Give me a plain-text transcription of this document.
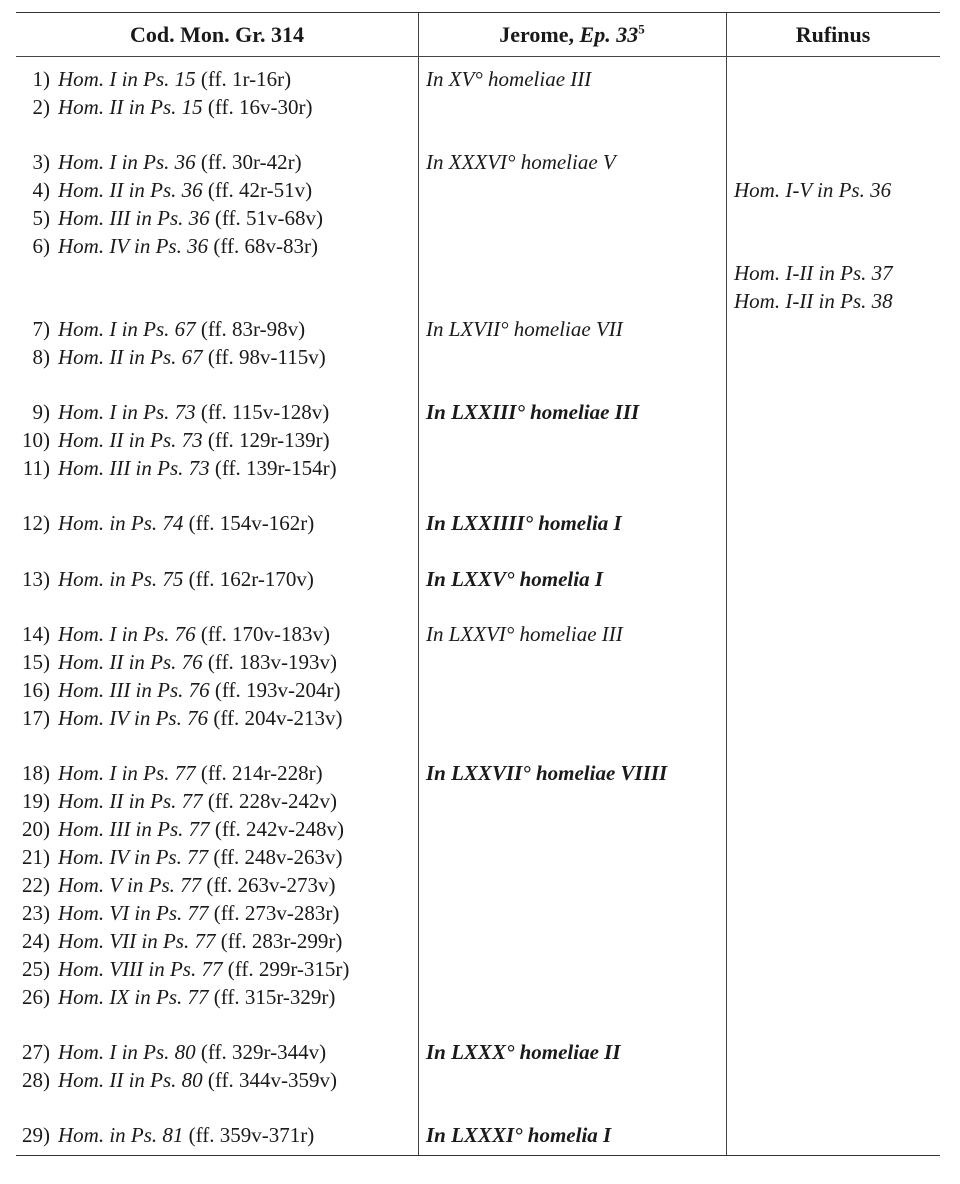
Cod. Mon. Gr. 314	Jerome, Ep. $33^5$	Rufinus
1) Hom. I in Ps. 15 (ff. 1r-16r)
2) Hom. II in Ps. 15 (ff. 16v-30r)
3) Hom. I in Ps. 36 (ff. 30r-42r)
4) Hom. II in Ps. 36 (ff. 42r-51v)
5) Hom. III in Ps. 36 (ff. 51v-68v)
6) Hom. IV in Ps. 36 (ff. 68v-83r)
7) Hom. I in Ps. 67 (ff. 83r-98v)
8) Hom. II in Ps. 67 (ff. 98v-115v)
9) Hom. I in Ps. 73 (ff. 115v-128v)
10) Hom. II in Ps. 73 (ff. 129r-139r)
11) Hom. III in Ps. 73 (ff. 139r-154r)
12) Hom. in Ps. 74 (ff. 154v-162r)
13) Hom. in Ps. 75 (ff. 162r-170v)
14) Hom. I in Ps. 76 (ff. 170v-183v)
15) Hom. II in Ps. 76 (ff. 183v-193v)
16) Hom. III in Ps. 76 (ff. 193v-204r)
17) Hom. IV in Ps. 76 (ff. 204v-213v)
18) Hom. I in Ps. 77 (ff. 214r-228r)
19) Hom. II in Ps. 77 (ff. 228v-242v)
20) Hom. III in Ps. 77 (ff. 242v-248v)
21) Hom. IV in Ps. 77 (ff. 248v-263v)
22) Hom. V in Ps. 77 (ff. 263v-273v)
23) Hom. VI in Ps. 77 (ff. 273v-283r)
24) Hom. VII in Ps. 77 (ff. 283r-299r)
25) Hom. VIII in Ps. 77 (ff. 299r-315r)
26) Hom. IX in Ps. 77 (ff. 315r-329r)
27) Hom. I in Ps. 80 (ff. 329r-344v)
28) Hom. II in Ps. 80 (ff. 344v-359v)
29) Hom. in Ps. 81 (ff. 359v-371r)
In XV° homeliae III
In XXXVI° homeliae V
In LXVII° homeliae VII
In LXXIII° homeliae III
In LXXIIII° homelia I
In LXXV° homelia I
In LXXVI° homeliae III
In LXXVII° homeliae VIIII
In LXXX° homeliae II
In LXXXI° homelia I
Hom. I-V in Ps. 36
Hom. I-II in Ps. 37
Hom. I-II in Ps. 38
